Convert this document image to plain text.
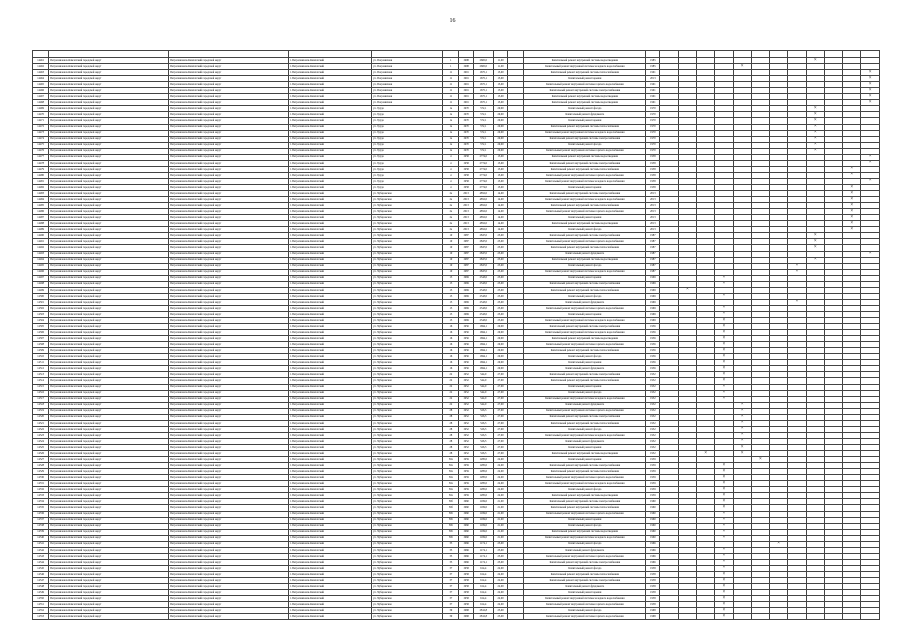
16

14461	Петропавловск-Камчатский городской округ	Петропавловск-Камчатский городской округ	г. Петропавловск-Камчатский	ул. Пограничная	1	1998	2665,0	11,00		Капитальный ремонт внутренней системы водоотведения	1985									×			
14462	Петропавловск-Камчатский городской округ	Петропавловск-Камчатский городской округ	г. Петропавловск-Камчатский	ул. Пограничная	1	1998	2665,0	11,00		Капитальный ремонт внутренней системы холодного водоснабжения	1985					×							
14463	Петропавловск-Камчатский городской округ	Петропавловск-Камчатский городской округ	г. Петропавловск-Камчатский	ул. Пограничная	11	1991	1675,1	13,00		Капитальный ремонт внутренней системы теплоснабжения	1991												×
14464	Петропавловск-Камчатский городской округ	Петропавловск-Камчатский городской округ	г. Петропавловск-Камчатский	ул. Пограничная	11	1991	1675,1	13,00		Капитальный ремонт крыши	2013												×
14465	Петропавловск-Камчатский городской округ	Петропавловск-Камчатский городской округ	г. Петропавловск-Камчатский	ул. Пограничная	11	1991	1675,1	13,00		Капитальный ремонт внутренней системы горячего водоснабжения	1991												×
14466	Петропавловск-Камчатский городской округ	Петропавловск-Камчатский городской округ	г. Петропавловск-Камчатский	ул. Пограничная	11	1991	1675,1	13,00		Капитальный ремонт внутренней системы электроснабжения	1991												×
14467	Петропавловск-Камчатский городской округ	Петропавловск-Камчатский городской округ	г. Петропавловск-Камчатский	ул. Пограничная	11	1991	1675,1	13,00		Капитальный ремонт внутренней системы водоотведения	1991												×
14468	Петропавловск-Камчатский городской округ	Петропавловск-Камчатский городской округ	г. Петропавловск-Камчатский	ул. Пограничная	11	1991	1675,1	13,00		Капитальный ремонт внутренней системы водоотведения	1991												×
14469	Петропавловск-Камчатский городской округ	Петропавловск-Камчатский городской округ	г. Петропавловск-Камчатский	ул. Труда	1а	1970	572,1	20,00		Капитальный ремонт фасада	1970									×			
14470	Петропавловск-Камчатский городской округ	Петропавловск-Камчатский городской округ	г. Петропавловск-Камчатский	ул. Труда	1а	1970	572,1	20,00		Капитальный ремонт фундамента	1970									×			
14471	Петропавловск-Камчатский городской округ	Петропавловск-Камчатский городской округ	г. Петропавловск-Камчатский	ул. Труда	1а	1970	572,1	20,00		Капитальный ремонт крыши	1970									×			
14472	Петропавловск-Камчатский городской округ	Петропавловск-Камчатский городской округ	г. Петропавловск-Камчатский	ул. Труда	1а	1970	572,1	20,00		Капитальный ремонт внутренней системы теплоснабжения	1970									×			
14473	Петропавловск-Камчатский городской округ	Петропавловск-Камчатский городской округ	г. Петропавловск-Камчатский	ул. Труда	1а	1970	572,1	20,00		Капитальный ремонт внутренней системы холодного водоснабжения	1970									×			
14474	Петропавловск-Камчатский городской округ	Петропавловск-Камчатский городской округ	г. Петропавловск-Камчатский	ул. Труда	1а	1970	572,1	20,00		Капитальный ремонт внутренней системы электроснабжения	1970									×			
14475	Петропавловск-Камчатский городской округ	Петропавловск-Камчатский городской округ	г. Петропавловск-Камчатский	ул. Труда	1а	1970	572,1	20,00		Капитальный ремонт фасада	1970									×			
14476	Петропавловск-Камчатский городской округ	Петропавловск-Камчатский городской округ	г. Петропавловск-Камчатский	ул. Труда	1а	1970	572,1	20,00		Капитальный ремонт внутренней системы горячего водоснабжения	1970									×			
14477	Петропавловск-Камчатский городской округ	Петропавловск-Камчатский городской округ	г. Петропавловск-Камчатский	ул. Труда	4	1958	2774,0	13,00		Капитальный ремонт внутренней системы водоотведения	1958												×
14478	Петропавловск-Камчатский городской округ	Петропавловск-Камчатский городской округ	г. Петропавловск-Камчатский	ул. Труда	4	1958	2774,0	13,00		Капитальный ремонт внутренней системы электроснабжения	1958												×
14479	Петропавловск-Камчатский городской округ	Петропавловск-Камчатский городской округ	г. Петропавловск-Камчатский	ул. Труда	4	1958	2774,0	13,00		Капитальный ремонт внутренней системы теплоснабжения	1958											×	
14480	Петропавловск-Камчатский городской округ	Петропавловск-Камчатский городской округ	г. Петропавловск-Камчатский	ул. Труда	4	1958	2774,0	13,00		Капитальный ремонт внутренней системы горячего водоснабжения	1958											×	
14481	Петропавловск-Камчатский городской округ	Петропавловск-Камчатский городской округ	г. Петропавловск-Камчатский	ул. Труда	4	1958	2774,0	13,00		Капитальный ремонт внутренней системы холодного водоснабжения	1958												×
14482	Петропавловск-Камчатский городской округ	Петропавловск-Камчатский городской округ	г. Петропавловск-Камчатский	ул. Труда	4	1958	2774,0	13,00		Капитальный ремонт крыши	1958											×	
14483	Петропавловск-Камчатский городской округ	Петропавловск-Камчатский городской округ	г. Петропавловск-Камчатский	ул. Чубаровская	2а	2013	4852,0	14,00		Капитальный ремонт внутренней системы электроснабжения	2013											×	
14484	Петропавловск-Камчатский городской округ	Петропавловск-Камчатский городской округ	г. Петропавловск-Камчатский	ул. Чубаровская	2а	2013	4852,0	14,00		Капитальный ремонт внутренней системы холодного водоснабжения	2013											×	
14485	Петропавловск-Камчатский городской округ	Петропавловск-Камчатский городской округ	г. Петропавловск-Камчатский	ул. Чубаровская	2а	2013	4852,0	14,00		Капитальный ремонт внутренней системы теплоснабжения	2013											×	
14486	Петропавловск-Камчатский городской округ	Петропавловск-Камчатский городской округ	г. Петропавловск-Камчатский	ул. Чубаровская	2а	2013	4852,0	14,00		Капитальный ремонт внутренней системы горячего водоснабжения	2013											×	
14487	Петропавловск-Камчатский городской округ	Петропавловск-Камчатский городской округ	г. Петропавловск-Камчатский	ул. Чубаровская	2а	2013	4852,0	14,00		Капитальный ремонт крыши	2013											×	
14488	Петропавловск-Камчатский городской округ	Петропавловск-Камчатский городской округ	г. Петропавловск-Камчатский	ул. Чубаровская	2а	2013	4852,0	14,00		Капитальный ремонт внутренней системы водоотведения	2013											×	
14489	Петропавловск-Камчатский городской округ	Петропавловск-Камчатский городской округ	г. Петропавловск-Камчатский	ул. Чубаровская	2а	2013	4852,0	14,00		Капитальный ремонт фасада	2013											×	
14490	Петропавловск-Камчатский городской округ	Петропавловск-Камчатский городской округ	г. Петропавловск-Камчатский	ул. Чубаровская	10	1987	2847,0	23,00		Капитальный ремонт внутренней системы электроснабжения	1987									×			
14491	Петропавловск-Камчатский городской округ	Петропавловск-Камчатский городской округ	г. Петропавловск-Камчатский	ул. Чубаровская	10	1987	2847,0	23,00		Капитальный ремонт внутренней системы горячего водоснабжения	1987									×			
14492	Петропавловск-Камчатский городской округ	Петропавловск-Камчатский городской округ	г. Петропавловск-Камчатский	ул. Чубаровская	10	1987	2847,0	23,00		Капитальный ремонт внутренней системы теплоснабжения	1987									×			
14493	Петропавловск-Камчатский городской округ	Петропавловск-Камчатский городской округ	г. Петропавловск-Камчатский	ул. Чубаровская	10	1987	2847,0	23,00		Капитальный ремонт фундамента	1987												×
14494	Петропавловск-Камчатский городской округ	Петропавловск-Камчатский городской округ	г. Петропавловск-Камчатский	ул. Чубаровская	10	1987	2847,0	23,00		Капитальный ремонт внутренней системы водоотведения	1987									×			
14495	Петропавловск-Камчатский городской округ	Петропавловск-Камчатский городской округ	г. Петропавловск-Камчатский	ул. Чубаровская	10	1987	2847,0	23,00		Капитальный ремонт фасада	1987								×				
14496	Петропавловск-Камчатский городской округ	Петропавловск-Камчатский городской округ	г. Петропавловск-Камчатский	ул. Чубаровская	10	1987	2847,0	23,00		Капитальный ремонт внутренней системы холодного водоснабжения	1987								×				
14497	Петропавловск-Камчатский городской округ	Петропавловск-Камчатский городской округ	г. Петропавловск-Камчатский	ул. Чубаровская	15	1969	2543,0	23,00		Капитальный ремонт крыши	1969				×								
14498	Петропавловск-Камчатский городской округ	Петропавловск-Камчатский городской округ	г. Петропавловск-Камчатский	ул. Чубаровская	15	1969	2543,0	23,00		Капитальный ремонт внутренней системы электроснабжения	1969				×								
14499	Петропавловск-Камчатский городской округ	Петропавловск-Камчатский городской округ	г. Петропавловск-Камчатский	ул. Чубаровская	15	1969	2543,0	23,00		Капитальный ремонт внутренней системы теплоснабжения	1969		×										
14500	Петропавловск-Камчатский городской округ	Петропавловск-Камчатский городской округ	г. Петропавловск-Камчатский	ул. Чубаровская	15	1969	2543,0	23,00		Капитальный ремонт фасада	1969				×								
14501	Петропавловск-Камчатский городской округ	Петропавловск-Камчатский городской округ	г. Петропавловск-Камчатский	ул. Чубаровская	15	1969	2543,0	23,00		Капитальный ремонт фундамента	1969								×				
14502	Петропавловск-Камчатский городской округ	Петропавловск-Камчатский городской округ	г. Петропавловск-Камчатский	ул. Чубаровская	15	1969	2543,0	23,00		Капитальный ремонт внутренней системы горячего водоснабжения	1969				×								
14503	Петропавловск-Камчатский городской округ	Петропавловск-Камчатский городской округ	г. Петропавловск-Камчатский	ул. Чубаровская	15	1969	2543,0	23,00		Капитальный ремонт крыши	1969				×								
14504	Петропавловск-Камчатский городской округ	Петропавловск-Камчатский городской округ	г. Петропавловск-Камчатский	ул. Чубаровская	15	1969	2543,0	23,00		Капитальный ремонт внутренней системы холодного водоснабжения	1969				×								
14505	Петропавловск-Камчатский городской округ	Петропавловск-Камчатский городской округ	г. Петропавловск-Камчатский	ул. Чубаровская	16	1956	1694,1	20,00		Капитальный ремонт внутренней системы электроснабжения	1956				×								
14506	Петропавловск-Камчатский городской округ	Петропавловск-Камчатский городской округ	г. Петропавловск-Камчатский	ул. Чубаровская	16	1956	1694,1	20,00		Капитальный ремонт внутренней системы холодного водоснабжения	1956				×								
14507	Петропавловск-Камчатский городской округ	Петропавловск-Камчатский городской округ	г. Петропавловск-Камчатский	ул. Чубаровская	16	1956	1694,1	20,00		Капитальный ремонт внутренней системы водоотведения	1956				×								
14508	Петропавловск-Камчатский городской округ	Петропавловск-Камчатский городской округ	г. Петропавловск-Камчатский	ул. Чубаровская	16	1956	1694,1	20,00		Капитальный ремонт внутренней системы горячего водоснабжения	1956				×								
14509	Петропавловск-Камчатский городской округ	Петропавловск-Камчатский городской округ	г. Петропавловск-Камчатский	ул. Чубаровская	16	1956	1694,1	20,00		Капитальный ремонт внутренней системы теплоснабжения	1956				×								
14510	Петропавловск-Камчатский городской округ	Петропавловск-Камчатский городской округ	г. Петропавловск-Камчатский	ул. Чубаровская	16	1956	1694,1	20,00		Капитальный ремонт фасада	1956				×								
14511	Петропавловск-Камчатский городской округ	Петропавловск-Камчатский городской округ	г. Петропавловск-Камчатский	ул. Чубаровская	16	1956	1694,1	20,00		Капитальный ремонт крыши	1956				×								
14512	Петропавловск-Камчатский городской округ	Петропавловск-Камчатский городской округ	г. Петропавловск-Камчатский	ул. Чубаровская	16	1956	1694,1	20,00		Капитальный ремонт фундамента	1956				×								
14513	Петропавловск-Камчатский городской округ	Петропавловск-Камчатский городской округ	г. Петропавловск-Камчатский	ул. Чубаровская	22	1952	544,0	27,00		Капитальный ремонт внутренней системы электроснабжения	1952				×								
14514	Петропавловск-Камчатский городской округ	Петропавловск-Камчатский городской округ	г. Петропавловск-Камчатский	ул. Чубаровская	22	1952	544,0	27,00		Капитальный ремонт внутренней системы теплоснабжения	1952				×								
14515	Петропавловск-Камчатский городской округ	Петропавловск-Камчатский городской округ	г. Петропавловск-Камчатский	ул. Чубаровская	22	1952	544,0	27,00		Капитальный ремонт крыши	1952				×								
14516	Петропавловск-Камчатский городской округ	Петропавловск-Камчатский городской округ	г. Петропавловск-Камчатский	ул. Чубаровская	22	1952	544,0	27,00		Капитальный ремонт фасада	1952				×								
14517	Петропавловск-Камчатский городской округ	Петропавловск-Камчатский городской округ	г. Петропавловск-Камчатский	ул. Чубаровская	22	1952	544,0	27,00		Капитальный ремонт внутренней системы холодного водоснабжения	1952				×								
14518	Петропавловск-Камчатский городской округ	Петропавловск-Камчатский городской округ	г. Петропавловск-Камчатский	ул. Чубаровская	22	1952	544,0	27,00		Капитальный ремонт фундамента	1952					×							
14519	Петропавловск-Камчатский городской округ	Петропавловск-Камчатский городской округ	г. Петропавловск-Камчатский	ул. Чубаровская	28	1952	526,3	27,00		Капитальный ремонт внутренней системы горячего водоснабжения	1952					×							
14520	Петропавловск-Камчатский городской округ	Петропавловск-Камчатский городской округ	г. Петропавловск-Камчатский	ул. Чубаровская	28	1952	526,3	27,00		Капитальный ремонт внутренней системы электроснабжения	1952					×							
14521	Петропавловск-Камчатский городской округ	Петропавловск-Камчатский городской округ	г. Петропавловск-Камчатский	ул. Чубаровская	28	1952	526,3	27,00		Капитальный ремонт внутренней системы теплоснабжения	1952					×							
14522	Петропавловск-Камчатский городской округ	Петропавловск-Камчатский городской округ	г. Петропавловск-Камчатский	ул. Чубаровская	28	1952	526,3	27,00		Капитальный ремонт фасада	1952					×							
14523	Петропавловск-Камчатский городской округ	Петропавловск-Камчатский городской округ	г. Петропавловск-Камчатский	ул. Чубаровская	28	1952	526,3	27,00		Капитальный ремонт внутренней системы холодного водоснабжения	1952					×							
14524	Петропавловск-Камчатский городской округ	Петропавловск-Камчатский городской округ	г. Петропавловск-Камчатский	ул. Чубаровская	28	1952	526,3	27,00		Капитальный ремонт фундамента	1952					×							
14525	Петропавловск-Камчатский городской округ	Петропавловск-Камчатский городской округ	г. Петропавловск-Камчатский	ул. Чубаровская	28	1952	526,3	27,00		Капитальный ремонт крыши	1952					×							
14526	Петропавловск-Камчатский городской округ	Петропавловск-Камчатский городской округ	г. Петропавловск-Камчатский	ул. Чубаровская	28	1952	526,3	27,00		Капитальный ремонт внутренней системы водоотведения	1952			×		×							
14527	Петропавловск-Камчатский городской округ	Петропавловск-Камчатский городской округ	г. Петропавловск-Камчатский	ул. Чубаровская	30а	1959	1285,0	22,00		Капитальный ремонт крыши	1959						×						
14528	Петропавловск-Камчатский городской округ	Петропавловск-Камчатский городской округ	г. Петропавловск-Камчатский	ул. Чубаровская	30а	1959	1285,0	22,00		Капитальный ремонт внутренней системы электроснабжения	1959				×								
14529	Петропавловск-Камчатский городской округ	Петропавловск-Камчатский городской округ	г. Петропавловск-Камчатский	ул. Чубаровская	30а	1959	1285,0	22,00		Капитальный ремонт внутренней системы теплоснабжения	1959				×								
14530	Петропавловск-Камчатский городской округ	Петропавловск-Камчатский городской округ	г. Петропавловск-Камчатский	ул. Чубаровская	30а	1959	1285,0	22,00		Капитальный ремонт внутренней системы горячего водоснабжения	1959				×								
14531	Петропавловск-Камчатский городской округ	Петропавловск-Камчатский городской округ	г. Петропавловск-Камчатский	ул. Чубаровская	30а	1959	1285,0	22,00		Капитальный ремонт внутренней системы холодного водоснабжения	1959				×								
14532	Петропавловск-Камчатский городской округ	Петропавловск-Камчатский городской округ	г. Петропавловск-Камчатский	ул. Чубаровская	30а	1959	1285,0	22,00		Капитальный ремонт фасада	1959				×								
14533	Петропавловск-Камчатский городской округ	Петропавловск-Камчатский городской округ	г. Петропавловск-Камчатский	ул. Чубаровская	30а	1959	1285,0	22,00		Капитальный ремонт внутренней системы водоотведения	1959				×								
14534	Петропавловск-Камчатский городской округ	Петропавловск-Камчатский городской округ	г. Петропавловск-Камчатский	ул. Чубаровская	30б	1960	1169,0	21,00		Капитальный ремонт внутренней системы электроснабжения	1960				×								
14535	Петропавловск-Камчатский городской округ	Петропавловск-Камчатский городской округ	г. Петропавловск-Камчатский	ул. Чубаровская	30б	1960	1169,0	21,00		Капитальный ремонт внутренней системы теплоснабжения	1960				×								
14536	Петропавловск-Камчатский городской округ	Петропавловск-Камчатский городской округ	г. Петропавловск-Камчатский	ул. Чубаровская	30б	1960	1169,0	21,00		Капитальный ремонт внутренней системы горячего водоснабжения	1960				×								
14537	Петропавловск-Камчатский городской округ	Петропавловск-Камчатский городской округ	г. Петропавловск-Камчатский	ул. Чубаровская	30б	1960	1169,0	21,00		Капитальный ремонт крыши	1960				×								
14538	Петропавловск-Камчатский городской округ	Петропавловск-Камчатский городской округ	г. Петропавловск-Камчатский	ул. Чубаровская	30б	1960	1169,0	21,00		Капитальный ремонт фасада	1960				×								
14539	Петропавловск-Камчатский городской округ	Петропавловск-Камчатский городской округ	г. Петропавловск-Камчатский	ул. Чубаровская	30б	1960	1169,0	21,00		Капитальный ремонт внутренней системы водоотведения	1960				×								
14540	Петропавловск-Камчатский городской округ	Петропавловск-Камчатский городской округ	г. Петропавловск-Камчатский	ул. Чубаровская	30б	1960	1169,0	21,00		Капитальный ремонт внутренней системы холодного водоснабжения	1960				×								
14541	Петропавловск-Камчатский городской округ	Петропавловск-Камчатский городской округ	г. Петропавловск-Камчатский	ул. Чубаровская	35	1966	1174,1	23,00		Капитальный ремонт фасада	1966							×					
14542	Петропавловск-Камчатский городской округ	Петропавловск-Камчатский городской округ	г. Петропавловск-Камчатский	ул. Чубаровская	35	1966	1174,1	23,00		Капитальный ремонт фундамента	1966				×								
14543	Петропавловск-Камчатский городской округ	Петропавловск-Камчатский городской округ	г. Петропавловск-Камчатский	ул. Чубаровская	35	1966	1174,1	23,00		Капитальный ремонт внутренней системы горячего водоснабжения	1966				×								
14544	Петропавловск-Камчатский городской округ	Петропавловск-Камчатский городской округ	г. Петропавловск-Камчатский	ул. Чубаровская	35	1966	1174,1	23,00		Капитальный ремонт внутренней системы электроснабжения	1966				×								
14545	Петропавловск-Камчатский городской округ	Петропавловск-Камчатский городской округ	г. Петропавловск-Камчатский	ул. Чубаровская	37	1958	614,4	22,00		Капитальный ремонт фасада	1958				×								
14546	Петропавловск-Камчатский городской округ	Петропавловск-Камчатский городской округ	г. Петропавловск-Камчатский	ул. Чубаровская	37	1958	614,4	22,00		Капитальный ремонт внутренней системы теплоснабжения	1958				×								
14547	Петропавловск-Камчатский городской округ	Петропавловск-Камчатский городской округ	г. Петропавловск-Камчатский	ул. Чубаровская	37	1958	614,4	22,00		Капитальный ремонт внутренней системы электроснабжения	1958				×								
14548	Петропавловск-Камчатский городской округ	Петропавловск-Камчатский городской округ	г. Петропавловск-Камчатский	ул. Чубаровская	37	1958	614,4	22,00		Капитальный ремонт фундамента	1958				×								
14549	Петропавловск-Камчатский городской округ	Петропавловск-Камчатский городской округ	г. Петропавловск-Камчатский	ул. Чубаровская	37	1958	614,4	22,00		Капитальный ремонт крыши	1958				×								
14550	Петропавловск-Камчатский городской округ	Петропавловск-Камчатский городской округ	г. Петропавловск-Камчатский	ул. Чубаровская	37	1958	614,4	22,00		Капитальный ремонт внутренней системы холодного водоснабжения	1958				×								
14551	Петропавловск-Камчатский городской округ	Петропавловск-Камчатский городской округ	г. Петропавловск-Камчатский	ул. Чубаровская	37	1958	614,4	22,00		Капитальный ремонт внутренней системы горячего водоснабжения	1958				×								
14552	Петропавловск-Камчатский городской округ	Петропавловск-Камчатский городской округ	г. Петропавловск-Камчатский	ул. Чубаровская	39	1968	2812,8	23,00		Капитальный ремонт фасада	1968				×								
14553	Петропавловск-Камчатский городской округ	Петропавловск-Камчатский городской округ	г. Петропавловск-Камчатский	ул. Чубаровская	39	1968	2812,8	23,00		Капитальный ремонт внутренней системы горячего водоснабжения	1968				×								
